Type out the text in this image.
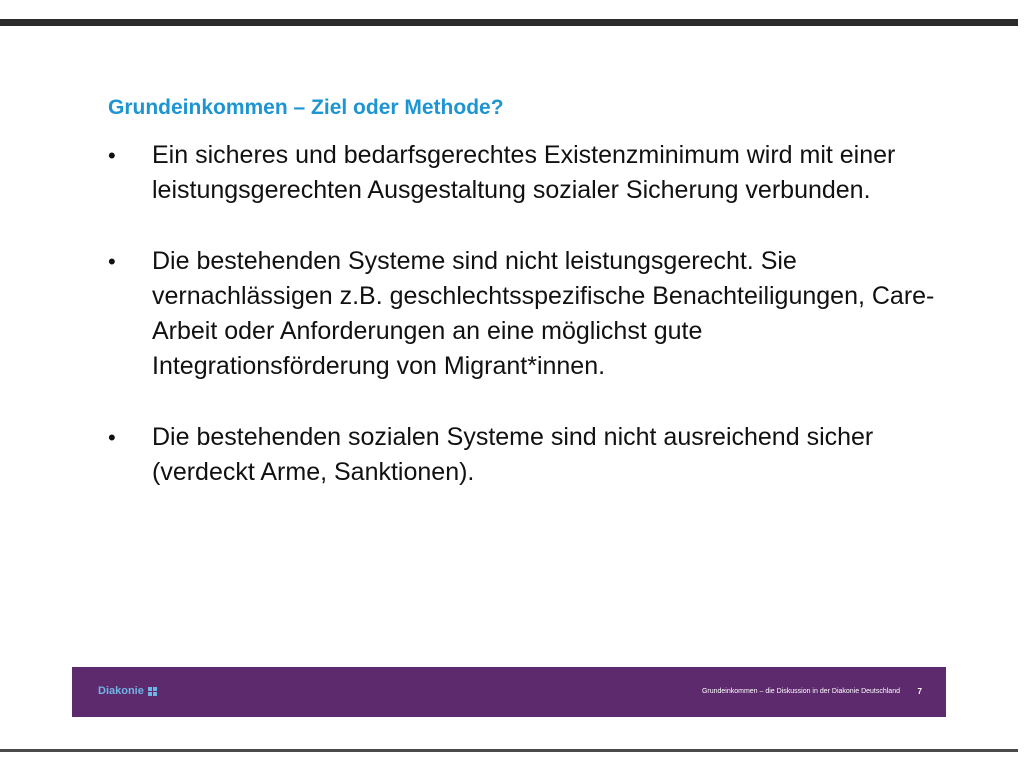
Grundeinkommen – Ziel oder Methode?
•	Ein sicheres und bedarfsgerechtes Existenzminimum wird mit einer leistungsgerechten Ausgestaltung sozialer Sicherung verbunden.
•	Die bestehenden Systeme sind nicht leistungsgerecht. Sie vernachlässigen z.B. geschlechtsspezifische Benachteiligungen, Care-Arbeit oder Anforderungen an eine möglichst gute Integrationsförderung von Migrant*innen.
•	Die bestehenden sozialen Systeme sind nicht ausreichend sicher (verdeckt Arme, Sanktionen).
Diakonie	Grundeinkommen – die Diskussion in der Diakonie Deutschland 7
